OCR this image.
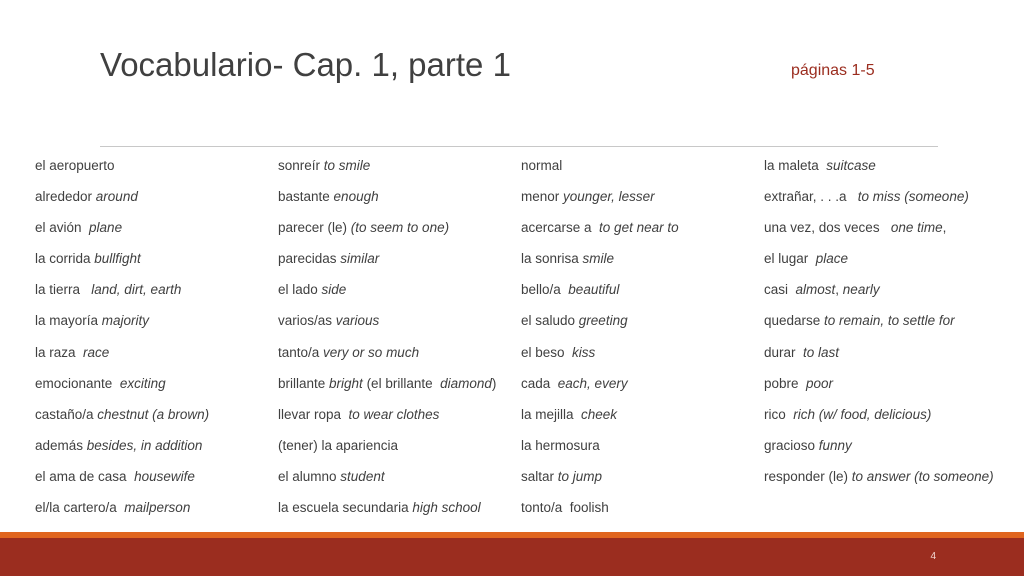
Vocabulario- Cap. 1, parte 1	páginas 1-5
el aeropuerto
alrededor around
el avión  plane
la corrida bullfight
la tierra   land, dirt, earth
la mayoría majority
la raza  race
emocionante  exciting
castaño/a chestnut (a brown)
además besides, in addition
el ama de casa  housewife
el/la cartero/a  mailperson
sonreír to smile
bastante enough
parecer (le) (to seem to one)
parecidas similar
el lado side
varios/as various
tanto/a very or so much
brillante bright (el brillante  diamond)
llevar ropa  to wear clothes
(tener) la apariencia
el alumno student
la escuela secundaria high school
normal
menor younger, lesser
acercarse a  to get near to
la sonrisa smile
bello/a  beautiful
el saludo greeting
el beso  kiss
cada  each, every
la mejilla  cheek
la hermosura
saltar to jump
tonto/a  foolish
la maleta  suitcase
extrañar, . . .a   to miss (someone)
una vez, dos veces   one time,
el lugar  place
casi  almost, nearly
quedarse to remain, to settle for
durar  to last
pobre  poor
rico  rich (w/ food, delicious)
gracioso funny
responder (le) to answer (to someone)
4
